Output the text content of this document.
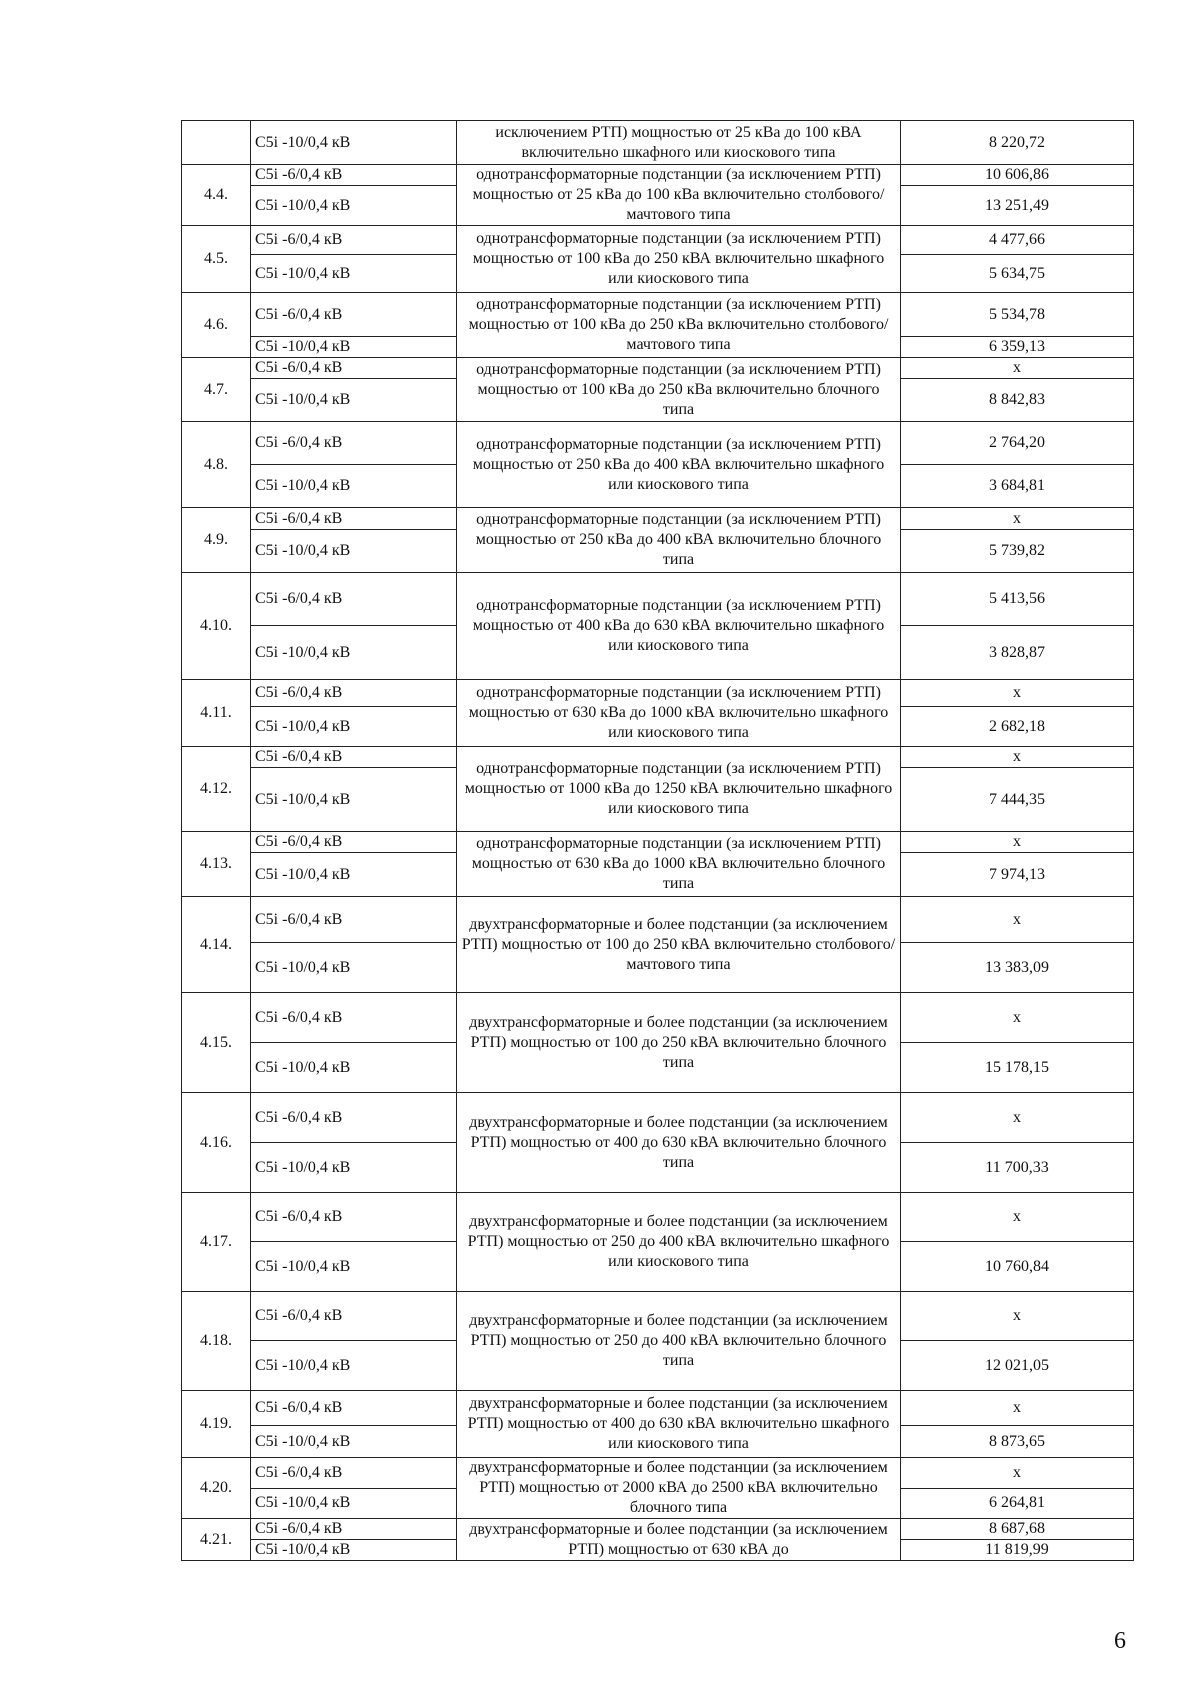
	C5i -10/0,4 кВ	исключением РТП) мощностью от 25 кВа до 100 кВА включительно шкафного или киоскового типа	8 220,72
4.4.	C5i -6/0,4 кВ	однотрансформаторные подстанции (за исключением РТП) мощностью от 25 кВа до 100 кВа включительно столбового/мачтового типа	10 606,86
	C5i -10/0,4 кВ		13 251,49
4.5.	C5i -6/0,4 кВ	однотрансформаторные подстанции (за исключением РТП) мощностью от 100 кВа до 250 кВА включительно шкафного или киоскового типа	4 477,66
	C5i -10/0,4 кВ		5 634,75
4.6.	C5i -6/0,4 кВ	однотрансформаторные подстанции (за исключением РТП) мощностью от 100 кВа до 250 кВа включительно столбового/мачтового типа	5 534,78
	C5i -10/0,4 кВ		6 359,13
4.7.	C5i -6/0,4 кВ	однотрансформаторные подстанции (за исключением РТП) мощностью от 100 кВа до 250 кВа включительно блочного типа	х
	C5i -10/0,4 кВ		8 842,83
4.8.	C5i -6/0,4 кВ	однотрансформаторные подстанции (за исключением РТП) мощностью от 250 кВа до 400 кВА включительно шкафного или киоскового типа	2 764,20
	C5i -10/0,4 кВ		3 684,81
4.9.	C5i -6/0,4 кВ	однотрансформаторные подстанции (за исключением РТП) мощностью от 250 кВа до 400 кВА включительно блочного типа	х
	C5i -10/0,4 кВ		5 739,82
4.10.	C5i -6/0,4 кВ	однотрансформаторные подстанции (за исключением РТП) мощностью от 400 кВа до 630 кВА включительно шкафного или киоскового типа	5 413,56
	C5i -10/0,4 кВ		3 828,87
4.11.	C5i -6/0,4 кВ	однотрансформаторные подстанции (за исключением РТП) мощностью от 630 кВа до 1000 кВА включительно шкафного или киоскового типа	х
	C5i -10/0,4 кВ		2 682,18
4.12.	C5i -6/0,4 кВ	однотрансформаторные подстанции (за исключением РТП) мощностью от 1000 кВа до 1250 кВА включительно шкафного или киоскового типа	х
	C5i -10/0,4 кВ		7 444,35
4.13.	C5i -6/0,4 кВ	однотрансформаторные подстанции (за исключением РТП) мощностью от 630 кВа до 1000 кВА включительно блочного типа	х
	C5i -10/0,4 кВ		7 974,13
4.14.	C5i -6/0,4 кВ	двухтрансформаторные и более подстанции (за исключением РТП) мощностью от 100 до 250 кВА включительно столбового/мачтового типа	х
	C5i -10/0,4 кВ		13 383,09
4.15.	C5i -6/0,4 кВ	двухтрансформаторные и более подстанции (за исключением РТП) мощностью от 100 до 250 кВА включительно блочного типа	х
	C5i -10/0,4 кВ		15 178,15
4.16.	C5i -6/0,4 кВ	двухтрансформаторные и более подстанции (за исключением РТП) мощностью от 400 до 630 кВА включительно блочного типа	х
	C5i -10/0,4 кВ		11 700,33
4.17.	C5i -6/0,4 кВ	двухтрансформаторные и более подстанции (за исключением РТП) мощностью от 250 до 400 кВА включительно шкафного или киоскового типа	х
	C5i -10/0,4 кВ		10 760,84
4.18.	C5i -6/0,4 кВ	двухтрансформаторные и более подстанции (за исключением РТП) мощностью от 250 до 400 кВА включительно блочного типа	х
	C5i -10/0,4 кВ		12 021,05
4.19.	C5i -6/0,4 кВ	двухтрансформаторные и более подстанции (за исключением РТП) мощностью от 400 до 630 кВА включительно шкафного или киоскового типа	х
	C5i -10/0,4 кВ		8 873,65
4.20.	C5i -6/0,4 кВ	двухтрансформаторные и более подстанции (за исключением РТП) мощностью от 2000 кВА до 2500 кВА включительно блочного типа	х
	C5i -10/0,4 кВ		6 264,81
4.21.	C5i -6/0,4 кВ	двухтрансформаторные и более подстанции (за исключением РТП) мощностью от 630 кВА до	8 687,68
	C5i -10/0,4 кВ		11 819,99
6
